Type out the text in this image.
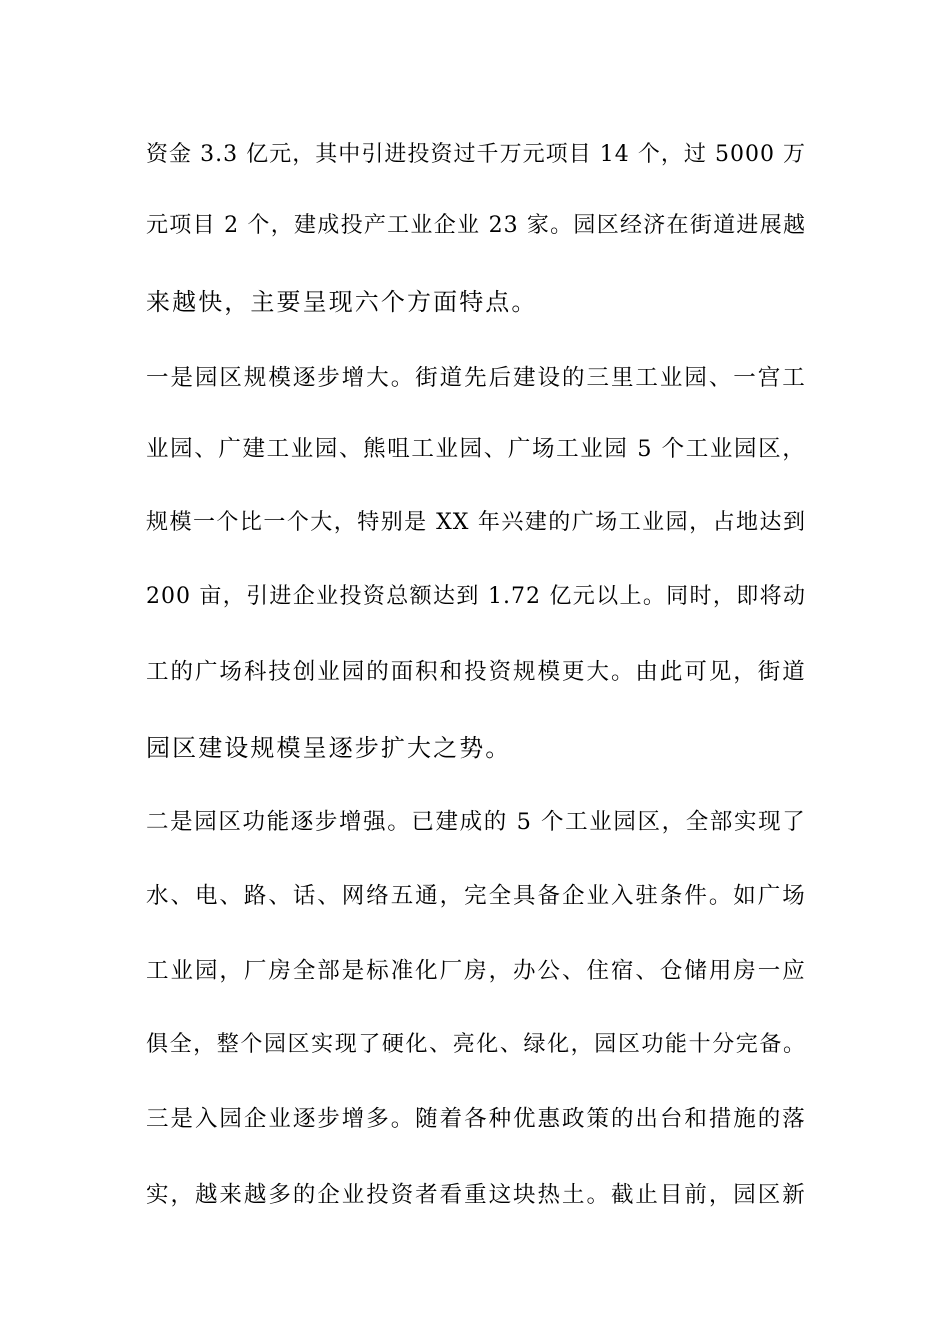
资金 3.3 亿元，其中引进投资过千万元项目 14 个，过 5000 万
元项目 2 个，建成投产工业企业 23 家。园区经济在街道进展越
来越快，主要呈现六个方面特点。
一是园区规模逐步增大。街道先后建设的三里工业园、一宫工
业园、广建工业园、熊咀工业园、广场工业园 5 个工业园区，
规模一个比一个大，特别是 XX 年兴建的广场工业园，占地达到
200 亩，引进企业投资总额达到 1.72 亿元以上。同时，即将动
工的广场科技创业园的面积和投资规模更大。由此可见，街道
园区建设规模呈逐步扩大之势。
二是园区功能逐步增强。已建成的 5 个工业园区，全部实现了
水、电、路、话、网络五通，完全具备企业入驻条件。如广场
工业园，厂房全部是标准化厂房，办公、住宿、仓储用房一应
俱全，整个园区实现了硬化、亮化、绿化，园区功能十分完备。
三是入园企业逐步增多。随着各种优惠政策的出台和措施的落
实，越来越多的企业投资者看重这块热土。截止目前，园区新
